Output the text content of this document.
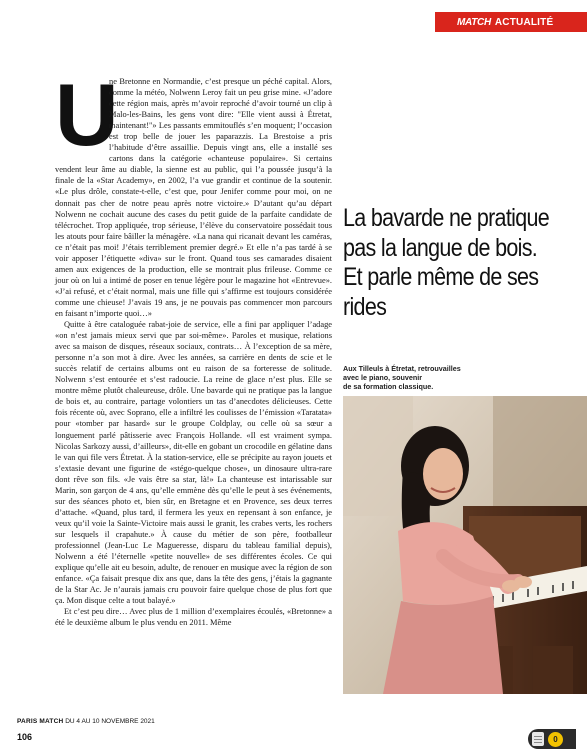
MATCH ACTUALITÉ
U

ne Bretonne en Normandie, c’est presque un péché capital. Alors, comme la météo, Nolwenn Leroy fait un peu grise mine. «J’adore cette région mais, après m’avoir reproché d’avoir tourné un clip à Malo-les-Bains, les gens vont dire: "Elle vient aussi à Étretat, maintenant!"» Les passants emmitouflés s’en moquent; l’occasion est trop belle de jouer les paparazzis. La Brestoise a pris l’habitude d’être assaillie. Depuis vingt ans, elle a installé ses cartons dans la catégorie «chanteuse populaire». Si certains vendent leur âme au diable, la sienne est au public, qui l’a poussée jusqu’à la finale de la «Star Academy», en 2002, l’a vue grandir et continue de la soutenir. «Le plus drôle, constate-t-elle, c’est que, pour Jenifer comme pour moi, on ne donnait pas cher de notre peau après notre victoire.» D’autant qu’au départ Nolwenn ne cochait aucune des cases du petit guide de la parfaite candidate de télécrochet. Trop appliquée, trop sérieuse, l’élève du conservatoire possédait tous les atouts pour faire bâiller la ménagère. «La nana qui ricanait devant les caméras, ce n’était pas moi! J’étais terriblement premier degré.» Et elle n’a pas tardé à se voir apposer l’étiquette «diva» sur le front. Quand tous ses camarades disaient amen aux exigences de la production, elle se montrait plus frileuse. Comme ce jour où on lui a intimé de poser en tenue légère pour le magazine hot «Entrevue». «J’ai refusé, et c’était normal, mais une fille qui s’affirme est toujours considérée comme une chieuse! J’avais 19 ans, je ne pouvais pas commencer mon parcours en faisant n’importe quoi…»

Quitte à être cataloguée rabat-joie de service, elle a fini par appliquer l’adage «on n’est jamais mieux servi que par soi-même». Paroles et musique, relations avec sa maison de disques, réseaux sociaux, contrats… À l’exception de sa mère, personne n’a son mot à dire. Avec les années, sa carrière en dents de scie et le succès relatif de certains albums ont eu raison de sa forteresse de solitude. Nolwenn s’est entourée et s’est radoucie. La reine de glace n’est plus. Elle se montre même plutôt chaleureuse, drôle. Une bavarde qui ne pratique pas la langue de bois et, au contraire, partage volontiers un tas d’anecdotes délicieuses. Cette fois récente où, avec Soprano, elle a infiltré les coulisses de l’émission «Taratata» pour «tomber par hasard» sur le groupe Coldplay, ou celle où sa sœur a longuement parlé pâtisserie avec François Hollande. «Il est vraiment sympa. Nicolas Sarkozy aussi, d’ailleurs», dit-elle en gobant un crocodile en gélatine dans le van qui file vers Étretat. À la station-service, elle se précipite au rayon jouets et s’extasie devant une figurine de «stégo-quelque chose», un dinosaure ultra-rare dont rêve son fils. «Je vais être sa star, là!» La chanteuse est intarissable sur Marin, son garçon de 4 ans, qu’elle emmène dès qu’elle le peut à ses événements, sur des séances photo et, bien sûr, en Bretagne et en Provence, ses deux terres d’attache. «Quand, plus tard, il fermera les yeux en repensant à son enfance, je veux qu’il voie la Sainte-Victoire mais aussi le granit, les crabes verts, les rochers sur lesquels il crapahute.» À cause du métier de son père, footballeur professionnel (Jean-Luc Le Magueresse, disparu du tableau familial depuis), Nolwenn a été l’éternelle «petite nouvelle» de ses différentes écoles. Ce qui explique qu’elle ait eu besoin, adulte, de renouer en musique avec la région de son enfance. «Ça faisait presque dix ans que, dans la tête des gens, j’étais la gagnante de la Star Ac. Je n’aurais jamais cru pouvoir faire quelque chose de plus fort que ça. Mon disque celte a tout balayé.»

Et c’est peu dire… Avec plus de 1 million d’exemplaires écoulés, «Bretonne» a été le deuxième album le plus vendu en 2011. Même

La bavarde ne pratique pas la langue de bois. Et parle même de ses rides
Aux Tilleuls à Étretat, retrouvailles
avec le piano, souvenir
de sa formation classique.
PARIS MATCH DU 4 AU 10 NOVEMBRE 2021
106	0
